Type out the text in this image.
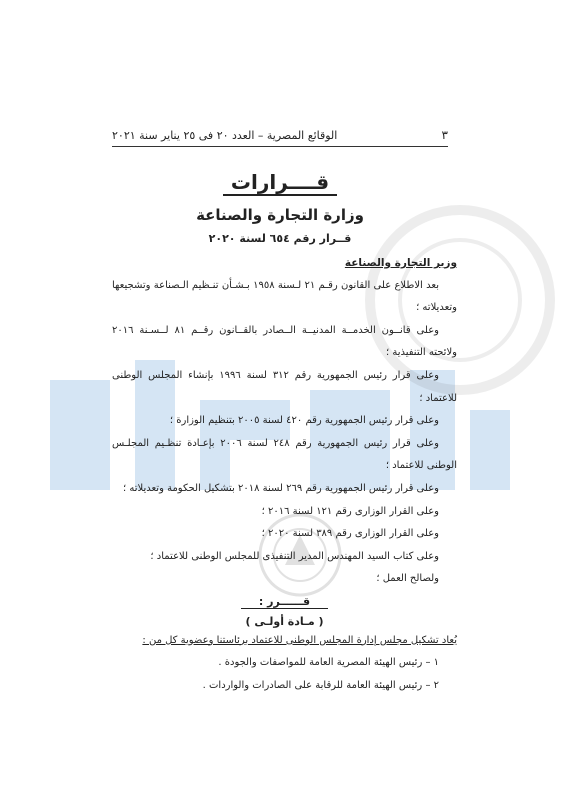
٣
الوقائع المصرية – العدد ٢٠ فى ٢٥ يناير سنة ٢٠٢١
قــــرارات
وزارة التجارة والصناعة
قــرار رقم ٦٥٤ لسنة ٢٠٢٠

وزير التجارة والصناعة

بعد الاطلاع على القانون رقـم ٢١ لـسنة ١٩٥٨ بـشـأن تنـظيم الـصناعة وتشجيعها وتعديلاته ؛

وعلى قانــون الخدمــة المدنيــة الــصادر بالقــانون رقــم ٨١ لــسـنة ٢٠١٦ ولائحته التنفيذية ؛

وعلى قرار رئيس الجمهورية رقم ٣١٢ لسنة ١٩٩٦ بإنشاء المجلس الوطنى للاعتماد ؛

وعلى قرار رئيس الجمهورية رقم ٤٢٠ لسنة ٢٠٠٥ بتنظيم الوزارة ؛

وعلى قرار رئيس الجمهورية رقم ٢٤٨ لسنة ٢٠٠٦ بإعـادة تنظـيم المجلـس الوطنى للاعتماد ؛

وعلى قرار رئيس الجمهورية رقم ٢٦٩ لسنة ٢٠١٨ بتشكيل الحكومة وتعديلاته ؛

وعلى القرار الوزارى رقم ١٢١ لسنة ٢٠١٦ ؛

وعلى القرار الوزارى رقم ٣٨٩ لسنة ٢٠٢٠ ؛

وعلى كتاب السيد المهندس المدير التنفيذى للمجلس الوطنى للاعتماد ؛

ولصالح العمل ؛

قــــــرر :

( مـادة أولـى )

يُعاد تشكيل مجلس إدارة المجلس الوطنى للاعتماد برئاستنا وعضوية كل من :

١ – رئيس الهيئة المصرية العامة للمواصفات والجودة .

٢ – رئيس الهيئة العامة للرقابة على الصادرات والواردات .
